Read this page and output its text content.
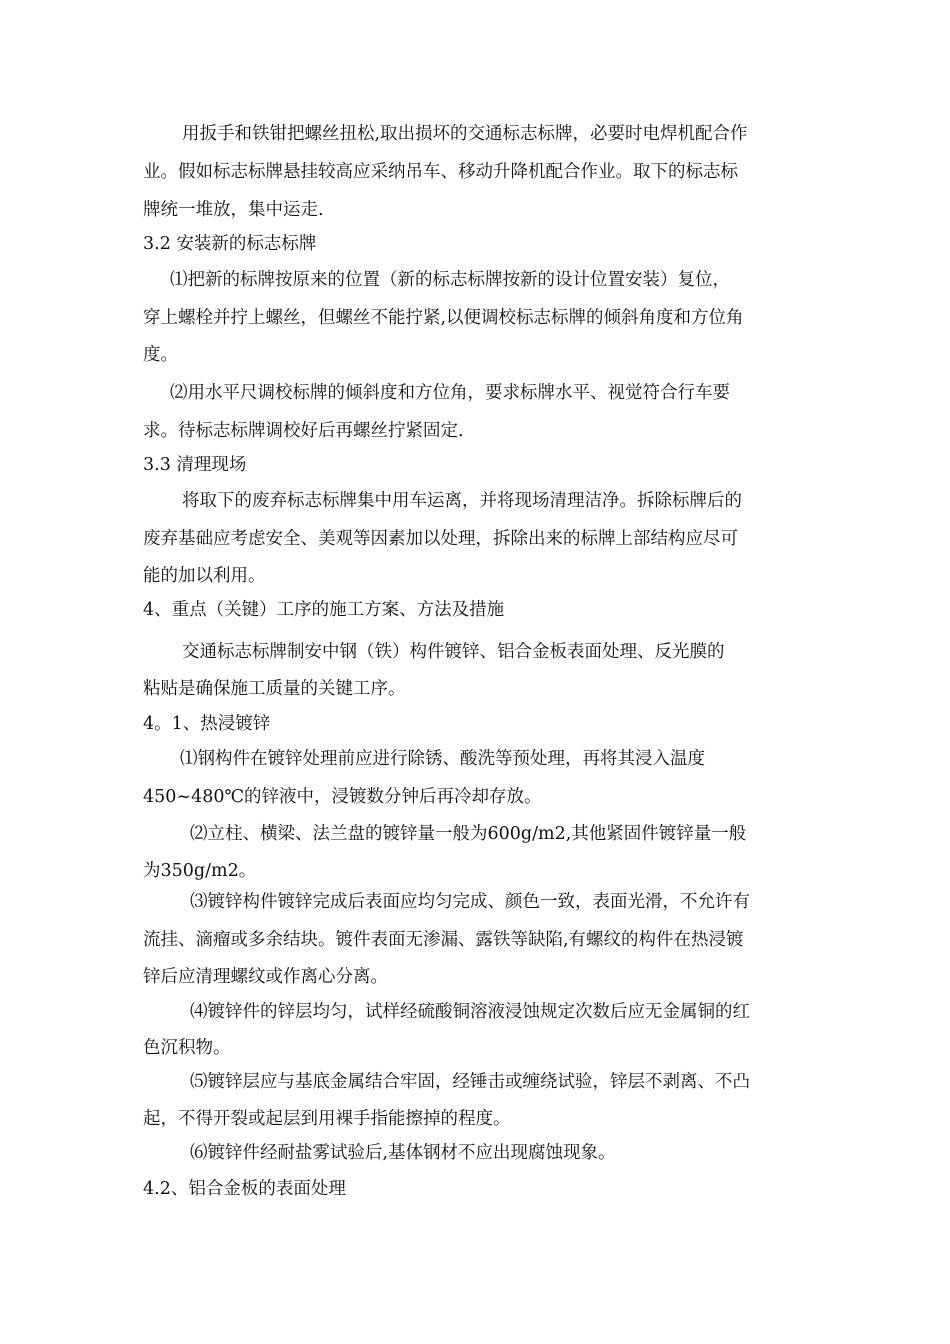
用扳手和铁钳把螺丝扭松,取出损坏的交通标志标牌，必要时电焊机配合作
业。假如标志标牌悬挂较高应采纳吊车、移动升降机配合作业。取下的标志标
牌统一堆放，集中运走.
3.2 安装新的标志标牌
⑴把新的标牌按原来的位置（新的标志标牌按新的设计位置安装）复位，
穿上螺栓并拧上螺丝，但螺丝不能拧紧,以便调校标志标牌的倾斜角度和方位角
度。
⑵用水平尺调校标牌的倾斜度和方位角，要求标牌水平、视觉符合行车要
求。待标志标牌调校好后再螺丝拧紧固定.
3.3 清理现场
将取下的废弃标志标牌集中用车运离，并将现场清理洁净。拆除标牌后的
废弃基础应考虑安全、美观等因素加以处理，拆除出来的标牌上部结构应尽可
能的加以利用。
4、重点（关键）工序的施工方案、方法及措施
交通标志标牌制安中钢（铁）构件镀锌、铝合金板表面处理、反光膜的
粘贴是确保施工质量的关键工序。
4。1、热浸镀锌
⑴钢构件在镀锌处理前应进行除锈、酸洗等预处理，再将其浸入温度
450~480℃的锌液中，浸镀数分钟后再冷却存放。
⑵立柱、横梁、法兰盘的镀锌量一般为600g/m2,其他紧固件镀锌量一般
为350g/m2。
⑶镀锌构件镀锌完成后表面应均匀完成、颜色一致，表面光滑，不允许有
流挂、滴瘤或多余结块。镀件表面无渗漏、露铁等缺陷,有螺纹的构件在热浸镀
锌后应清理螺纹或作离心分离。
⑷镀锌件的锌层均匀，试样经硫酸铜溶液浸蚀规定次数后应无金属铜的红
色沉积物。
⑸镀锌层应与基底金属结合牢固，经锤击或缠绕试验，锌层不剥离、不凸
起，不得开裂或起层到用裸手指能擦掉的程度。
⑹镀锌件经耐盐雾试验后,基体钢材不应出现腐蚀现象。
4.2、铝合金板的表面处理
